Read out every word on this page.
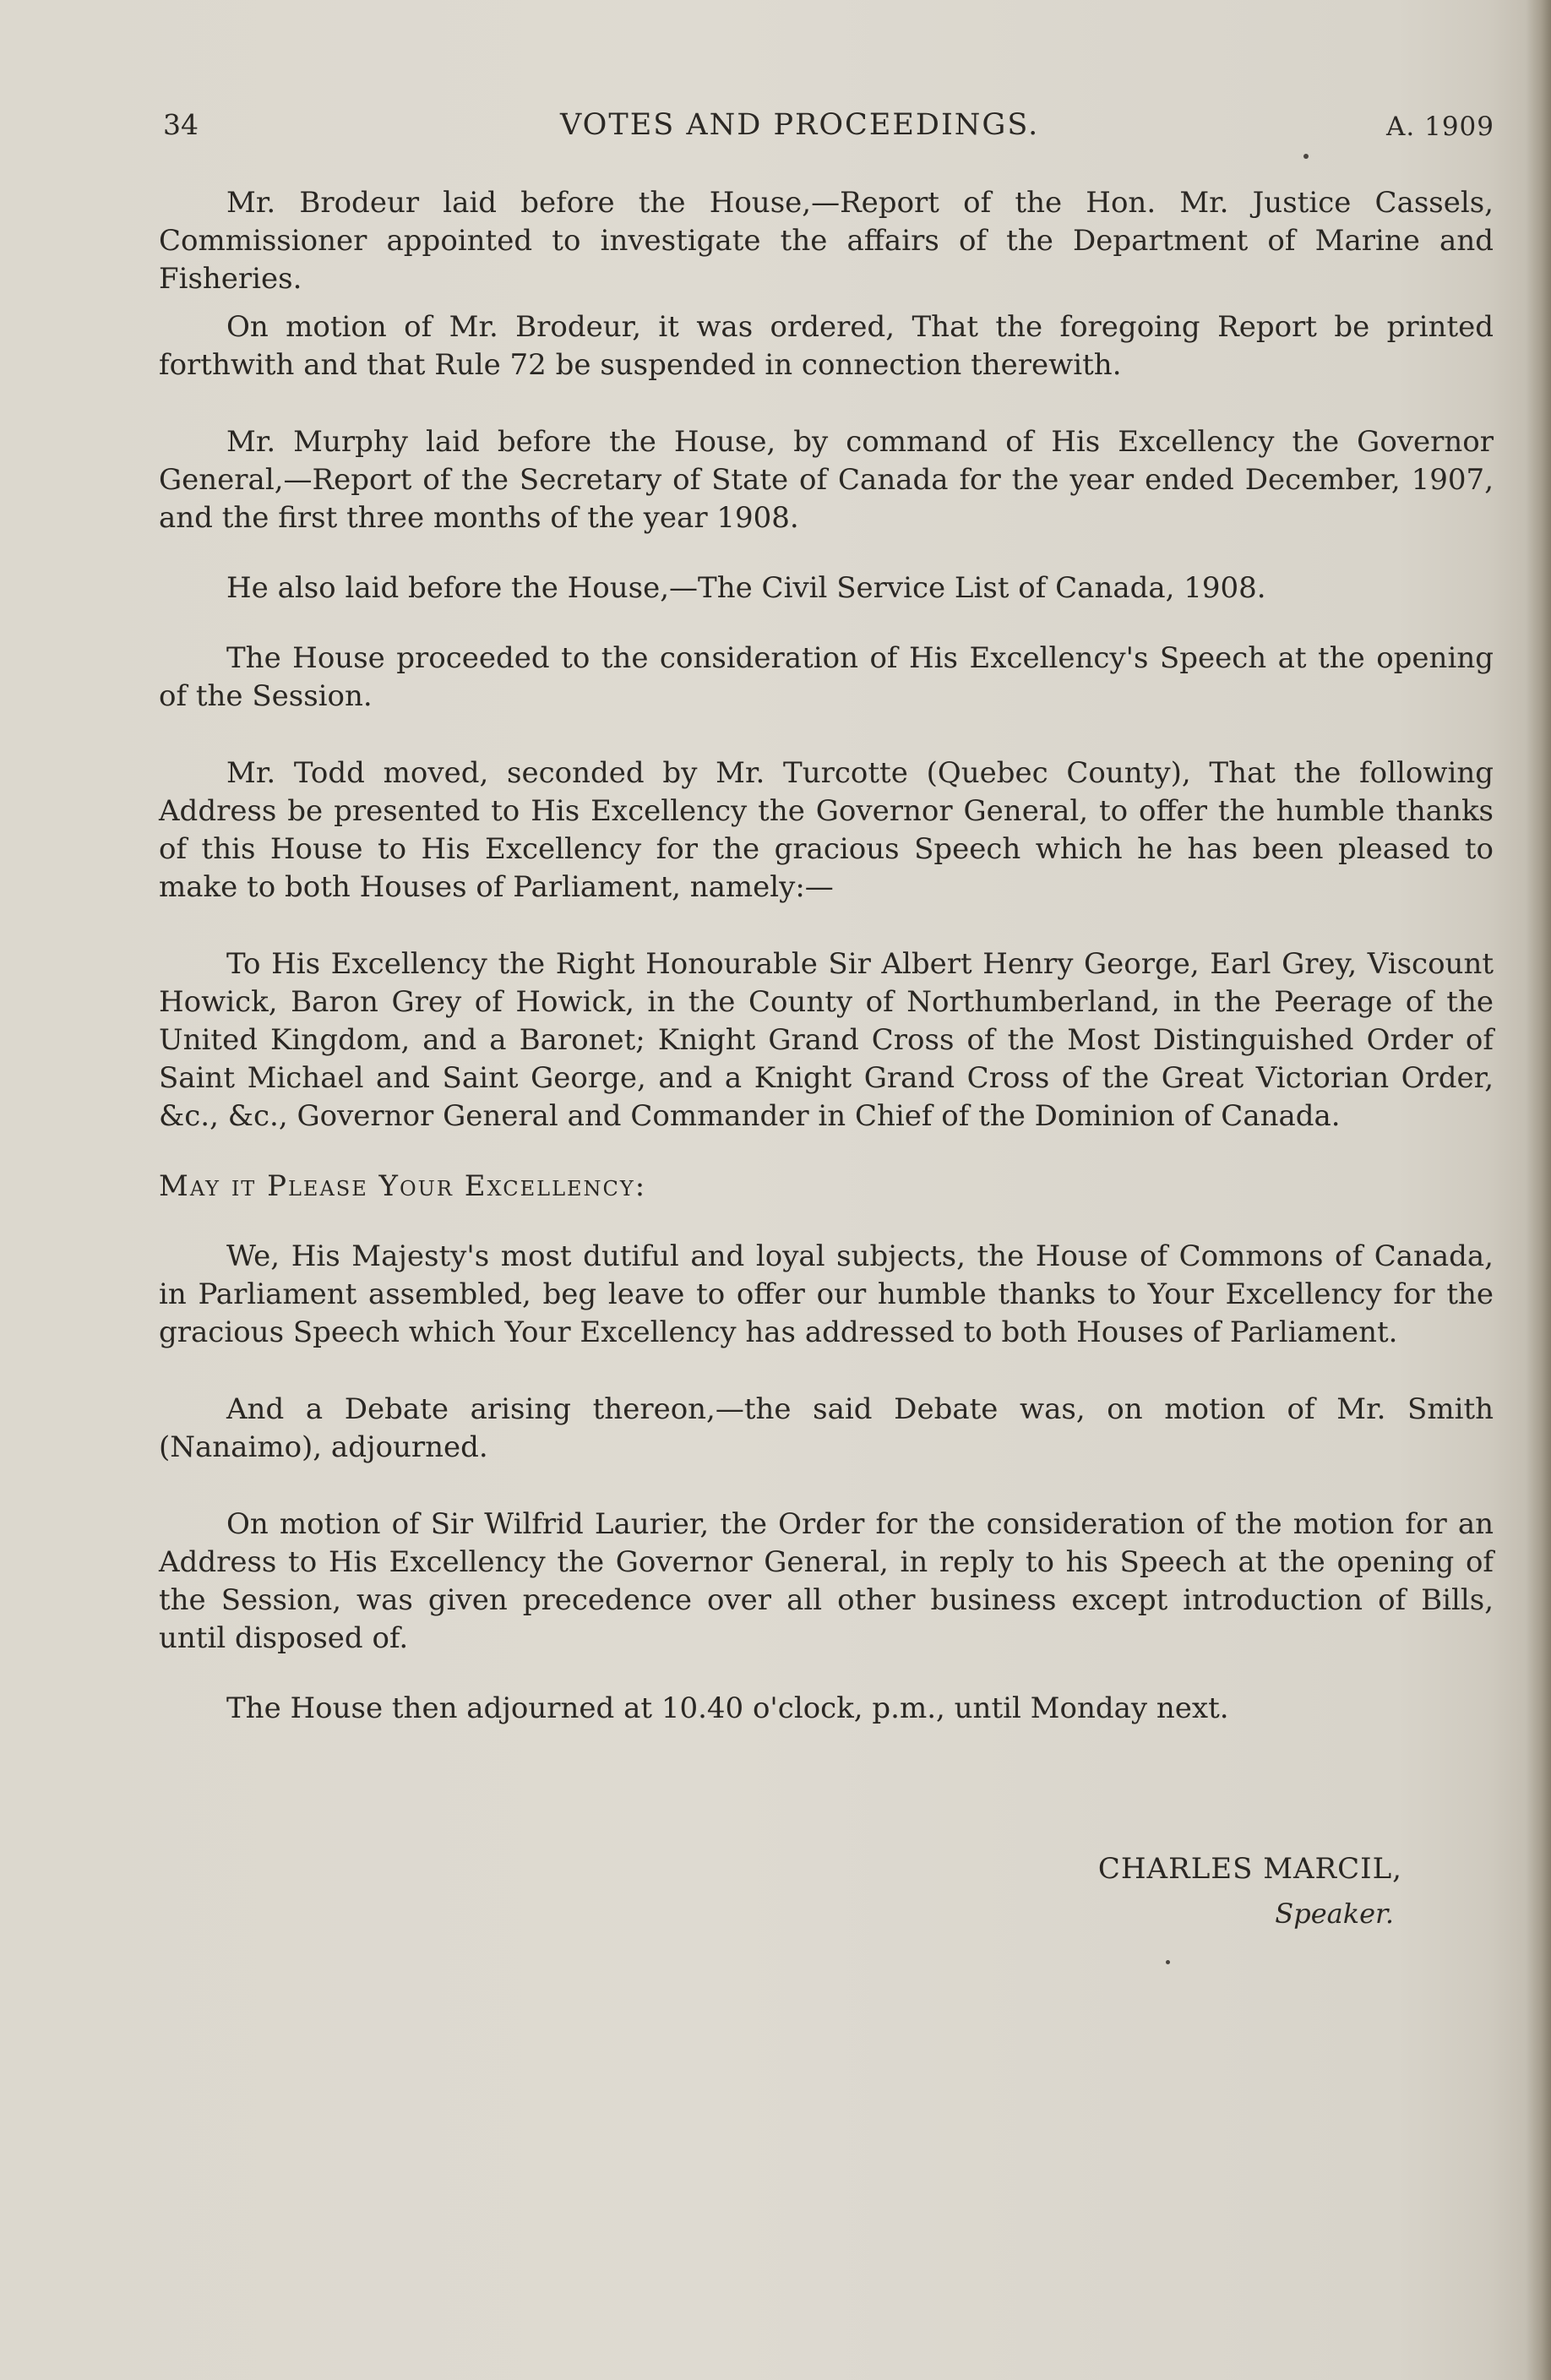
34	VOTES AND PROCEEDINGS.	A. 1909

Mr. Brodeur laid before the House,—Report of the Hon. Mr. Justice Cassels, Commissioner appointed to investigate the affairs of the Department of Marine and Fisheries.

On motion of Mr. Brodeur, it was ordered, That the foregoing Report be printed forthwith and that Rule 72 be suspended in connection therewith.

Mr. Murphy laid before the House, by command of His Excellency the Governor General,—Report of the Secretary of State of Canada for the year ended December, 1907, and the first three months of the year 1908.

He also laid before the House,—The Civil Service List of Canada, 1908.

The House proceeded to the consideration of His Excellency's Speech at the opening of the Session.

Mr. Todd moved, seconded by Mr. Turcotte (Quebec County), That the following Address be presented to His Excellency the Governor General, to offer the humble thanks of this House to His Excellency for the gracious Speech which he has been pleased to make to both Houses of Parliament, namely:—

To His Excellency the Right Honourable Sir Albert Henry George, Earl Grey, Viscount Howick, Baron Grey of Howick, in the County of Northumberland, in the Peerage of the United Kingdom, and a Baronet; Knight Grand Cross of the Most Distinguished Order of Saint Michael and Saint George, and a Knight Grand Cross of the Great Victorian Order, &c., &c., Governor General and Commander in Chief of the Dominion of Canada.

May it Please Your Excellency:

We, His Majesty's most dutiful and loyal subjects, the House of Commons of Canada, in Parliament assembled, beg leave to offer our humble thanks to Your Excellency for the gracious Speech which Your Excellency has addressed to both Houses of Parliament.

And a Debate arising thereon,—the said Debate was, on motion of Mr. Smith (Nanaimo), adjourned.

On motion of Sir Wilfrid Laurier, the Order for the consideration of the motion for an Address to His Excellency the Governor General, in reply to his Speech at the opening of the Session, was given precedence over all other business except introduction of Bills, until disposed of.

The House then adjourned at 10.40 o'clock, p.m., until Monday next.

CHARLES MARCIL,
Speaker.
